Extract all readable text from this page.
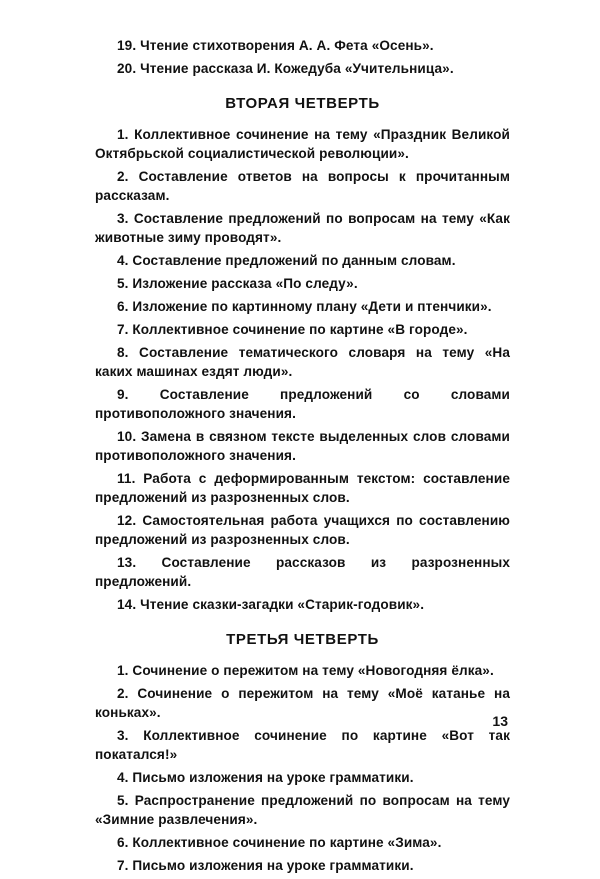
19. Чтение стихотворения А. А. Фета «Осень».

20. Чтение рассказа И. Кожедуба «Учительница».

ВТОРАЯ ЧЕТВЕРТЬ

1. Коллективное сочинение на тему «Праздник Великой Октябрьской социалистической революции».

2. Составление ответов на вопросы к прочитанным рассказам.

3. Составление предложений по вопросам на тему «Как животные зиму проводят».

4. Составление предложений по данным словам.

5. Изложение рассказа «По следу».

6. Изложение по картинному плану «Дети и птенчики».

7. Коллективное сочинение по картине «В городе».

8. Составление тематического словаря на тему «На каких машинах ездят люди».

9. Составление предложений со словами противоположного значения.

10. Замена в связном тексте выделенных слов словами противоположного значения.

11. Работа с деформированным текстом: составление предложений из разрозненных слов.

12. Самостоятельная работа учащихся по составлению предложений из разрозненных слов.

13. Составление рассказов из разрозненных предложений.

14. Чтение сказки-загадки «Старик-годовик».

ТРЕТЬЯ ЧЕТВЕРТЬ

1. Сочинение о пережитом на тему «Новогодняя ёлка».

2. Сочинение о пережитом на тему «Моё катанье на коньках».

3. Коллективное сочинение по картине «Вот так покатался!»

4. Письмо изложения на уроке грамматики.

5. Распространение предложений по вопросам на тему «Зимние развлечения».

6. Коллективное сочинение по картине «Зима».

7. Письмо изложения на уроке грамматики.

13
